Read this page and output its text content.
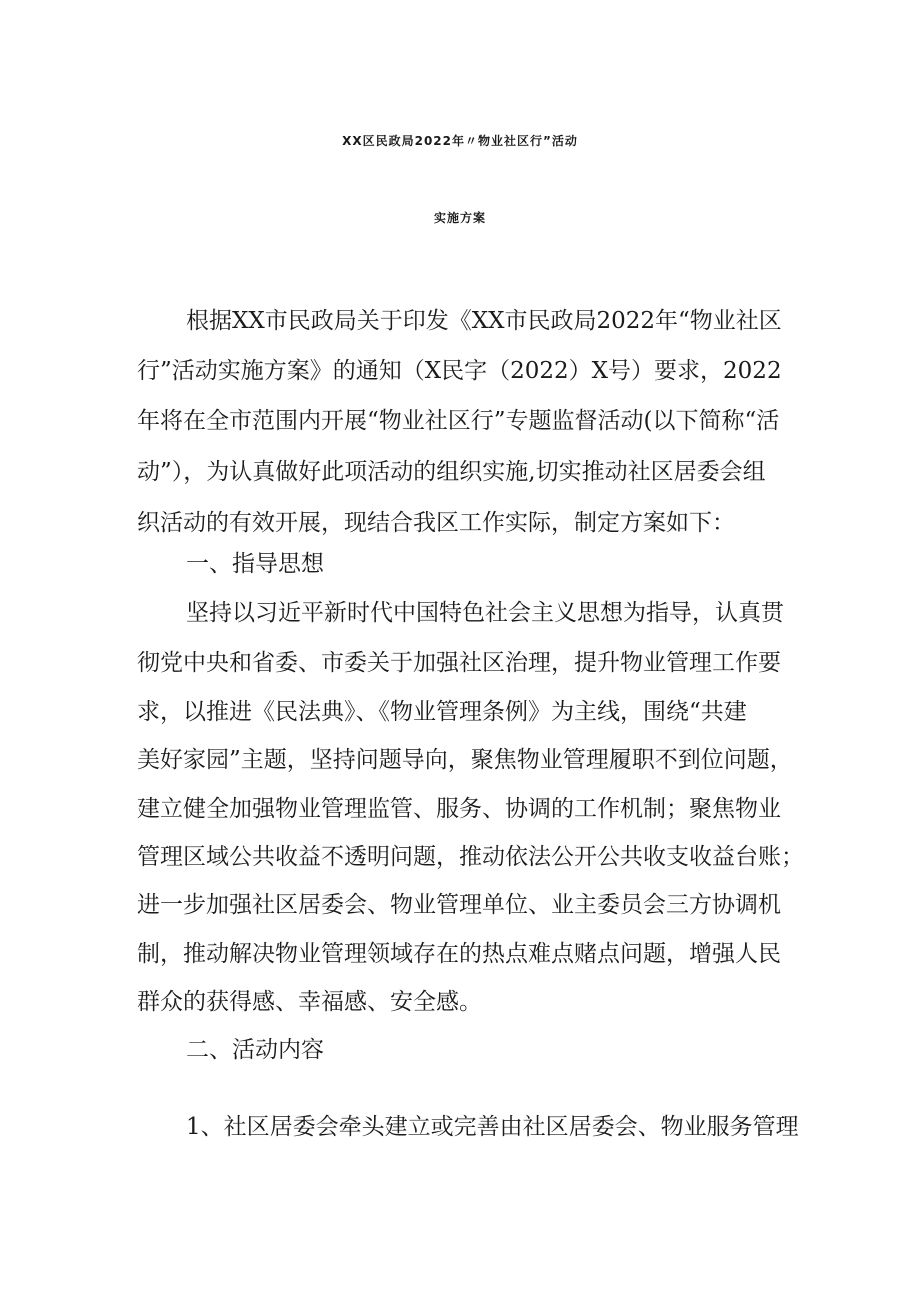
XX区民政局2022年〃物业社区行”活动
实施方案
根据XX市民政局关于印发《XX市民政局2022年“物业社区
行”活动实施方案》的通知（X民字（2022）X号）要求，2022
年将在全市范围内开展“物业社区行”专题监督活动(以下简称“活
动”），为认真做好此项活动的组织实施,切实推动社区居委会组
织活动的有效开展，现结合我区工作实际，制定方案如下：
一、指导思想
坚持以习近平新时代中国特色社会主义思想为指导，认真贯
彻党中央和省委、市委关于加强社区治理，提升物业管理工作要
求，以推进《民法典》、《物业管理条例》为主线，围绕“共建
美好家园”主题，坚持问题导向，聚焦物业管理履职不到位问题，
建立健全加强物业管理监管、服务、协调的工作机制；聚焦物业
管理区域公共收益不透明问题，推动依法公开公共收支收益台账；
进一步加强社区居委会、物业管理单位、业主委员会三方协调机
制，推动解决物业管理领域存在的热点难点赌点问题，增强人民
群众的获得感、幸福感、安全感。
二、活动内容
1、社区居委会牵头建立或完善由社区居委会、物业服务管理
